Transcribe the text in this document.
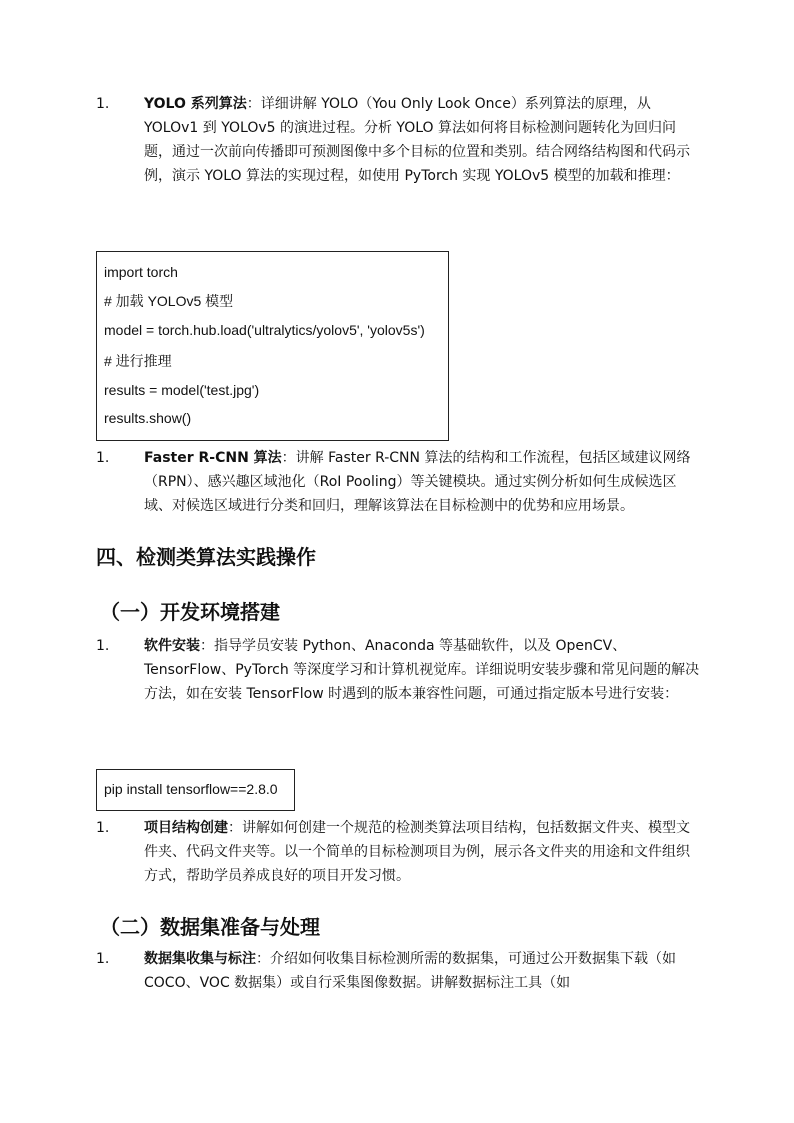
1. YOLO 系列算法：详细讲解 YOLO（You Only Look Once）系列算法的原理，从 YOLOv1 到 YOLOv5 的演进过程。分析 YOLO 算法如何将目标检测问题转化为回归问题，通过一次前向传播即可预测图像中多个目标的位置和类别。结合网络结构图和代码示例，演示 YOLO 算法的实现过程，如使用 PyTorch 实现 YOLOv5 模型的加载和推理：
import torch
# 加载 YOLOv5 模型
model = torch.hub.load('ultralytics/yolov5', 'yolov5s')
# 进行推理
results = model('test.jpg')
results.show()
1. Faster R-CNN 算法：讲解 Faster R-CNN 算法的结构和工作流程，包括区域建议网络（RPN）、感兴趣区域池化（RoI Pooling）等关键模块。通过实例分析如何生成候选区域、对候选区域进行分类和回归，理解该算法在目标检测中的优势和应用场景。
四、检测类算法实践操作
（一）开发环境搭建
1. 软件安装：指导学员安装 Python、Anaconda 等基础软件，以及 OpenCV、TensorFlow、PyTorch 等深度学习和计算机视觉库。详细说明安装步骤和常见问题的解决方法，如在安装 TensorFlow 时遇到的版本兼容性问题，可通过指定版本号进行安装：
pip install tensorflow==2.8.0
1. 项目结构创建：讲解如何创建一个规范的检测类算法项目结构，包括数据文件夹、模型文件夹、代码文件夹等。以一个简单的目标检测项目为例，展示各文件夹的用途和文件组织方式，帮助学员养成良好的项目开发习惯。
（二）数据集准备与处理
1. 数据集收集与标注：介绍如何收集目标检测所需的数据集，可通过公开数据集下载（如 COCO、VOC 数据集）或自行采集图像数据。讲解数据标注工具（如
